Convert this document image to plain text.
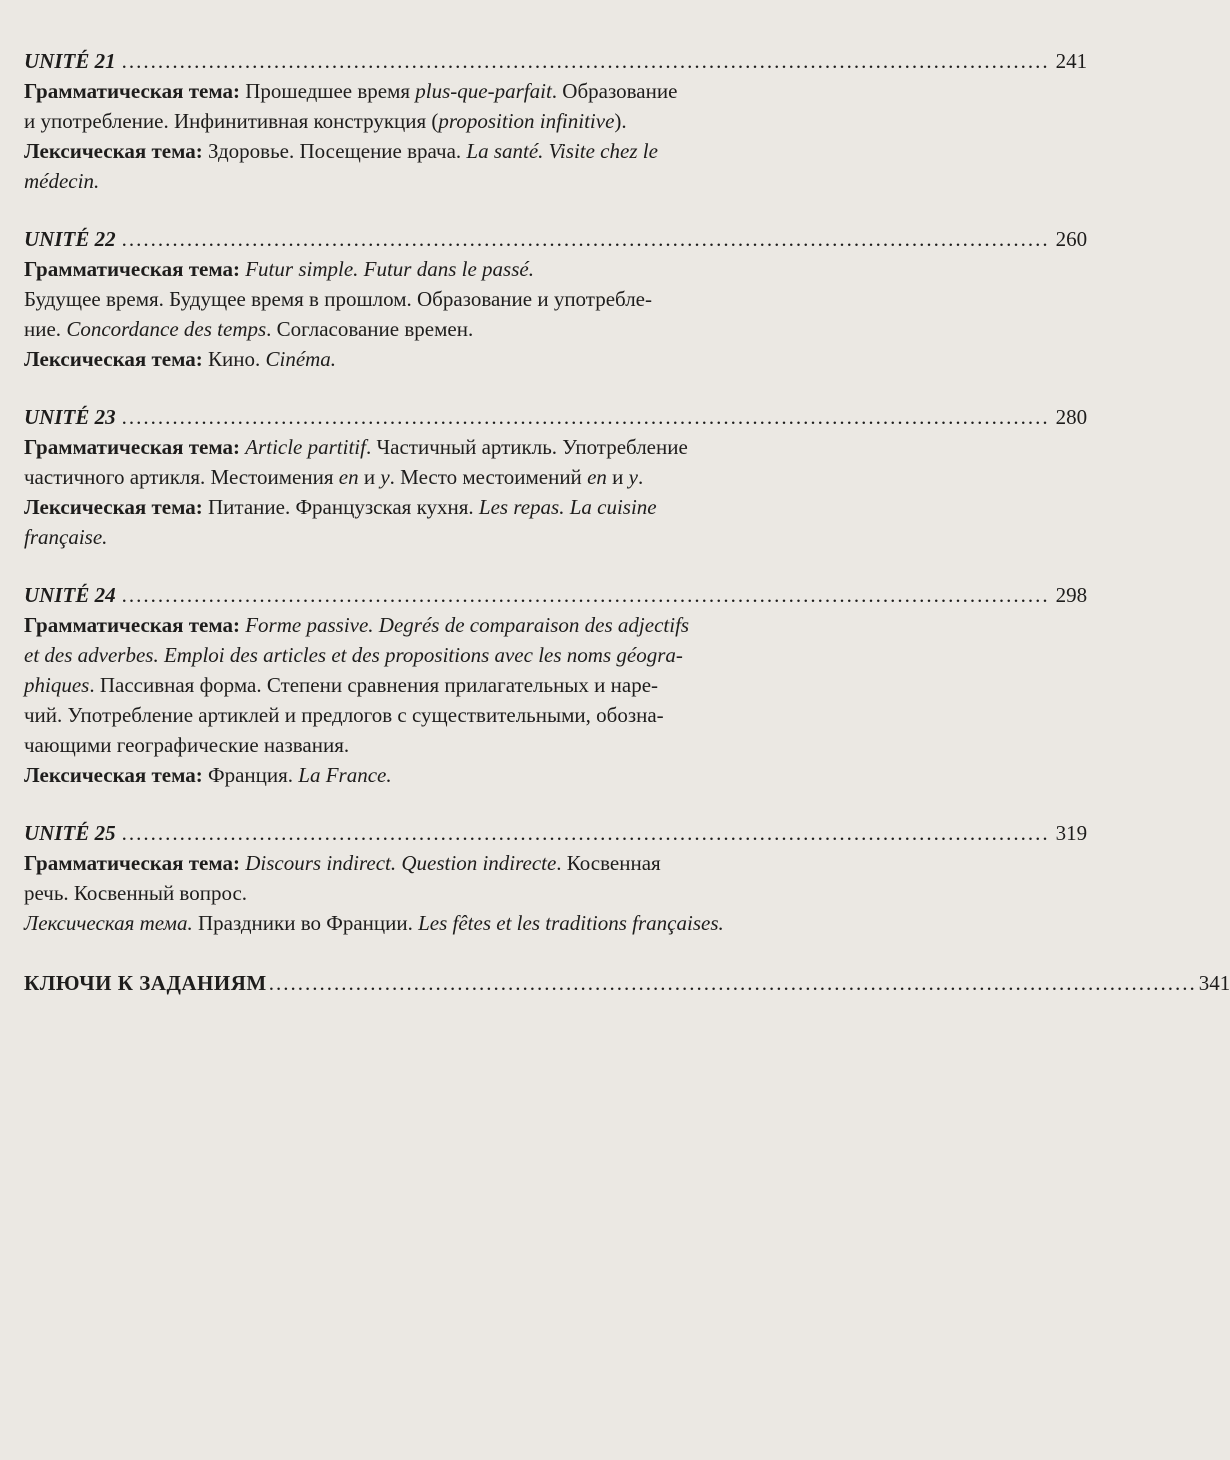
UNITÉ 21 ................................................................................................................................ 241
Грамматическая тема: Прошедшее время plus-que-parfait. Образование
и употребление. Инфинитивная конструкция (proposition infinitive).
Лексическая тема: Здоровье. Посещение врача. La santé. Visite chez le
médecin.
UNITÉ 22 ................................................................................................................................ 260
Грамматическая тема: Futur simple. Futur dans le passé.
Будущее время. Будущее время в прошлом. Образование и употребле-
ние. Concordance des temps. Согласование времен.
Лексическая тема: Кино. Cinéma.
UNITÉ 23 ................................................................................................................................ 280
Грамматическая тема: Article partitif. Частичный артикль. Употребление
частичного артикля. Местоимения en и y. Место местоимений en и y.
Лексическая тема: Питание. Французская кухня. Les repas. La cuisine
française.
UNITÉ 24 ................................................................................................................................ 298
Грамматическая тема: Forme passive. Degrés de comparaison des adjectifs
et des adverbes. Emploi des articles et des propositions avec les noms géogra-
phiques. Пассивная форма. Степени сравнения прилагательных и наре-
чий. Употребление артиклей и предлогов с существительными, обозна-
чающими географические названия.
Лексическая тема: Франция. La France.
UNITÉ 25 ................................................................................................................................ 319
Грамматическая тема: Discours indirect. Question indirecte. Косвенная
речь. Косвенный вопрос.
Лексическая тема. Праздники во Франции. Les fêtes et les traditions françaises.
КЛЮЧИ К ЗАДАНИЯМ ................................................................................................................................ 341
